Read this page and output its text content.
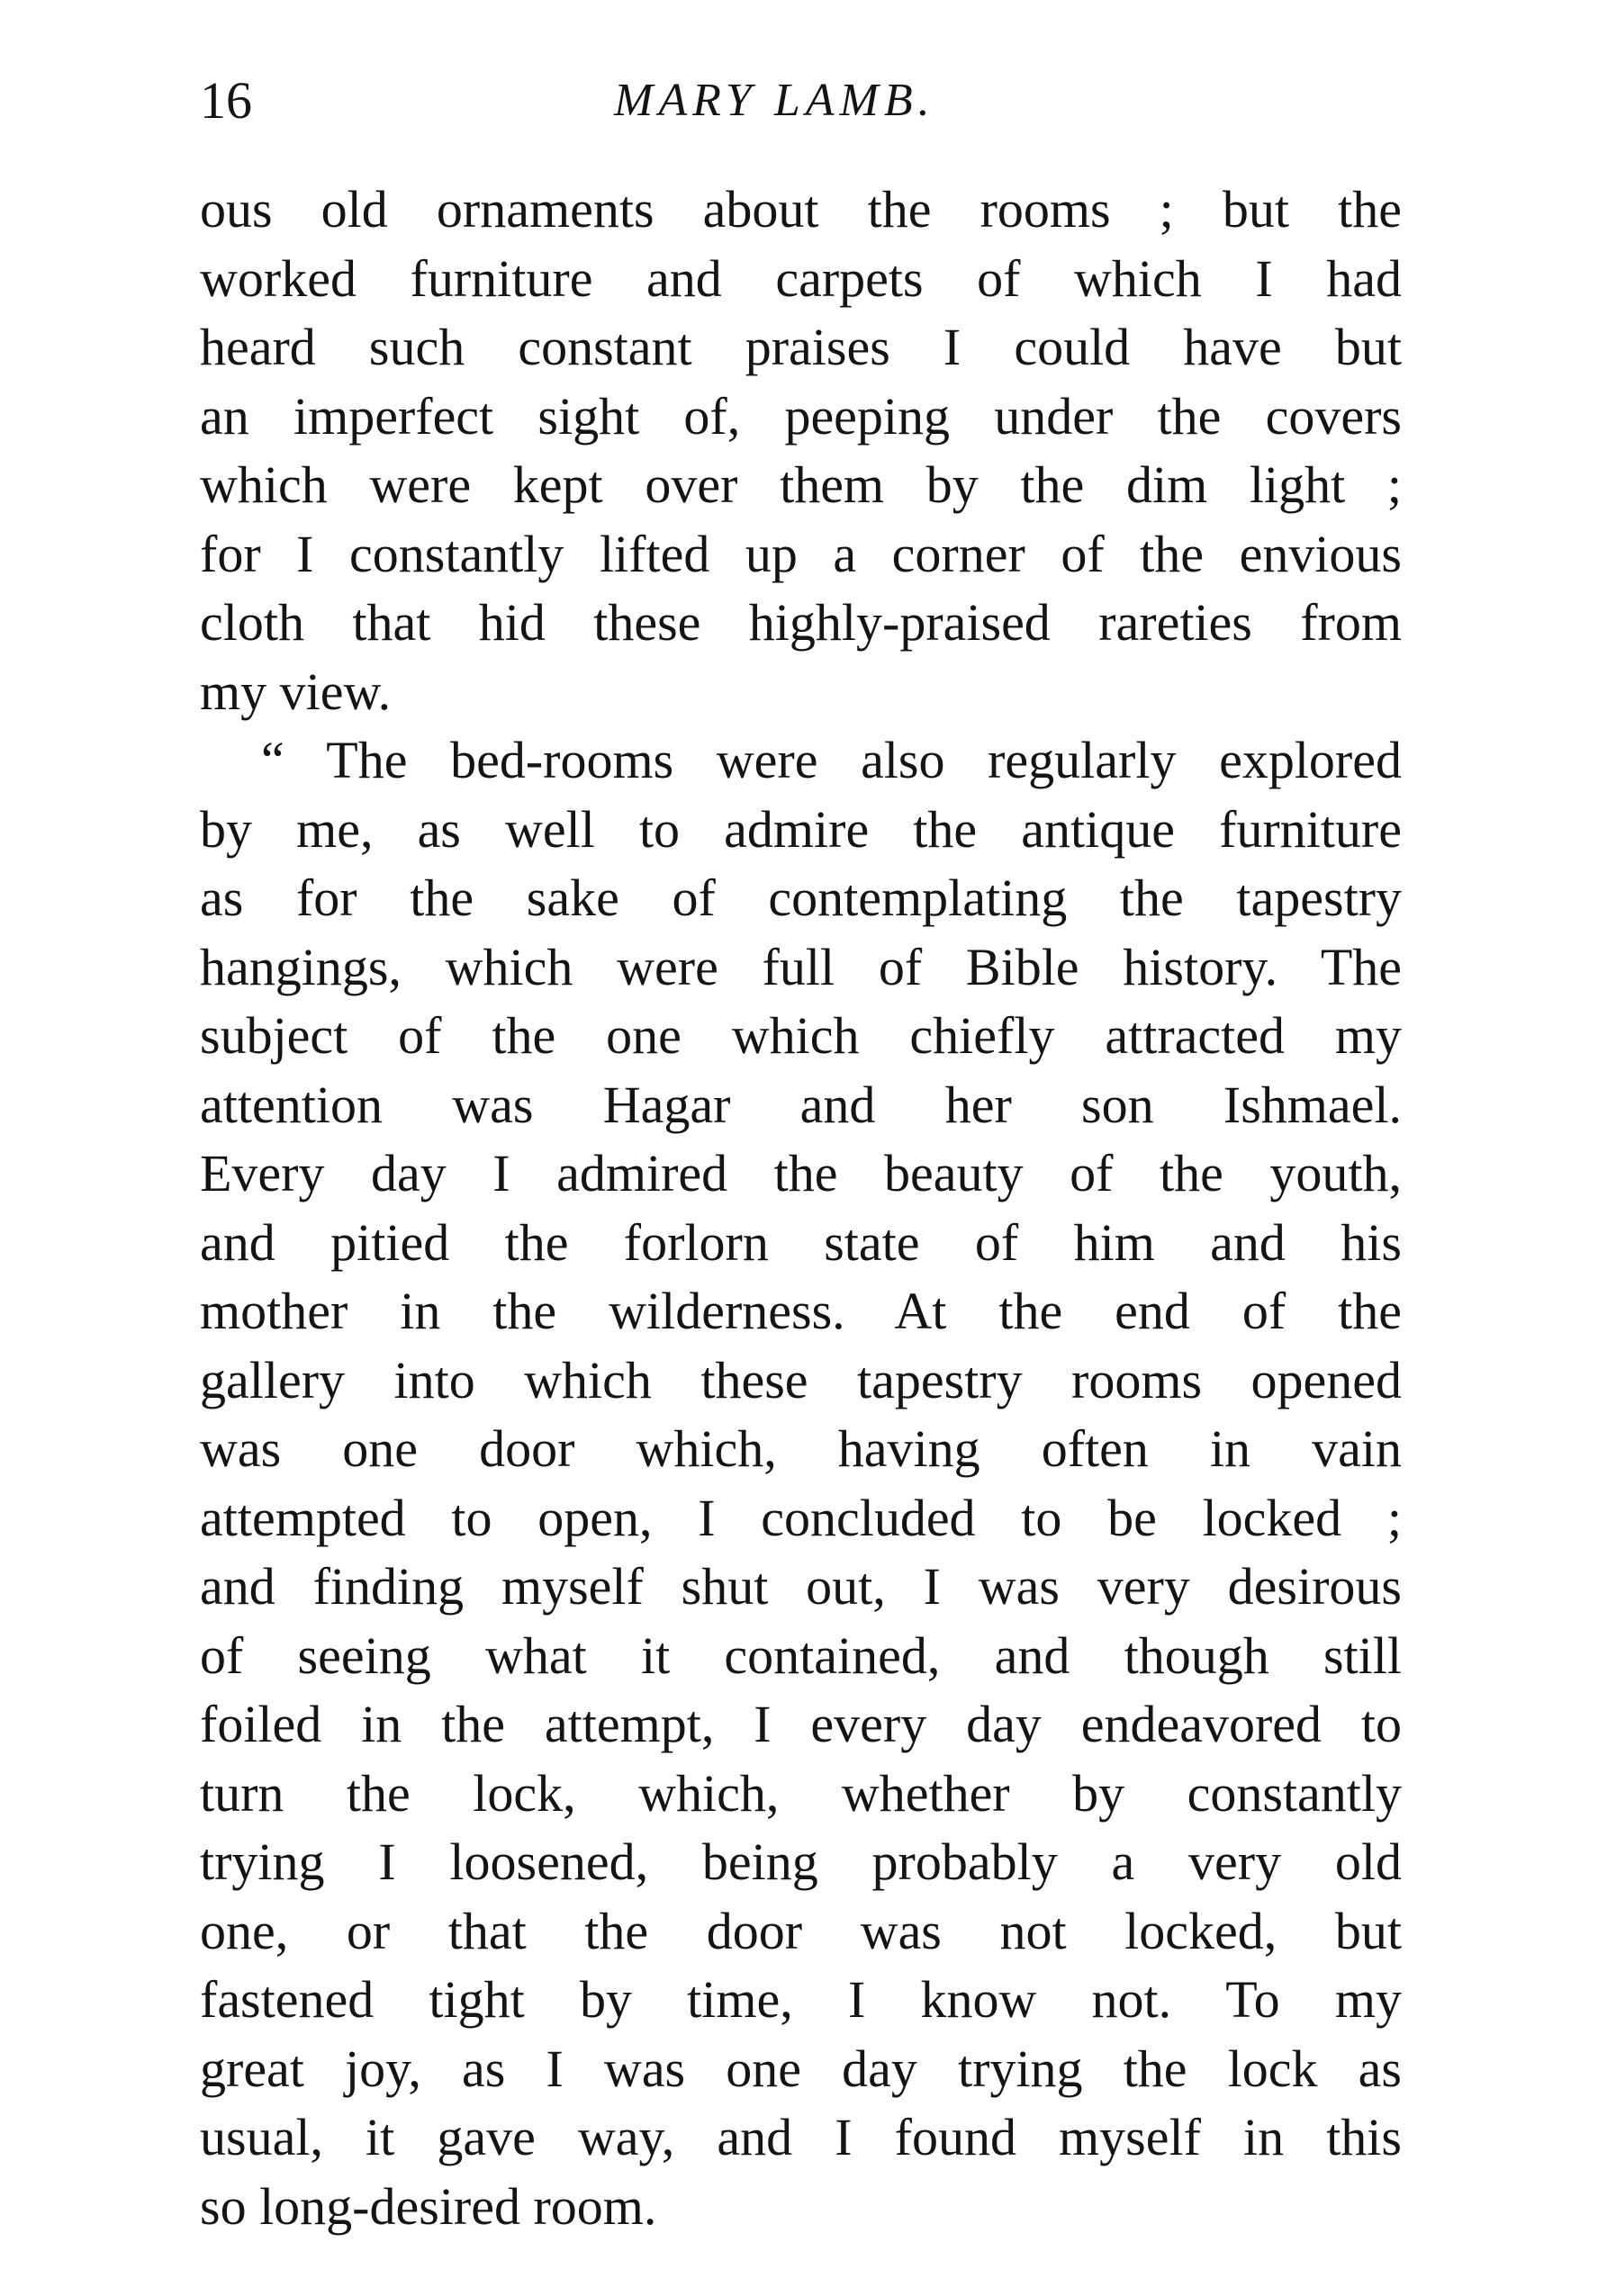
16	MARY LAMB.
ous old ornaments about the rooms ; but the
worked furniture and carpets of which I had
heard such constant praises I could have but
an imperfect sight of, peeping under the covers
which were kept over them by the dim light ;
for I constantly lifted up a corner of the envious
cloth that hid these highly-praised rareties from
my view.
“ The bed-rooms were also regularly explored
by me, as well to admire the antique furniture
as for the sake of contemplating the tapestry
hangings, which were full of Bible history. The
subject of the one which chiefly attracted my
attention was Hagar and her son Ishmael.
Every day I admired the beauty of the youth,
and pitied the forlorn state of him and his
mother in the wilderness. At the end of the
gallery into which these tapestry rooms opened
was one door which, having often in vain
attempted to open, I concluded to be locked ;
and finding myself shut out, I was very desirous
of seeing what it contained, and though still
foiled in the attempt, I every day endeavored to
turn the lock, which, whether by constantly
trying I loosened, being probably a very old
one, or that the door was not locked, but
fastened tight by time, I know not. To my
great joy, as I was one day trying the lock as
usual, it gave way, and I found myself in this
so long-desired room.
